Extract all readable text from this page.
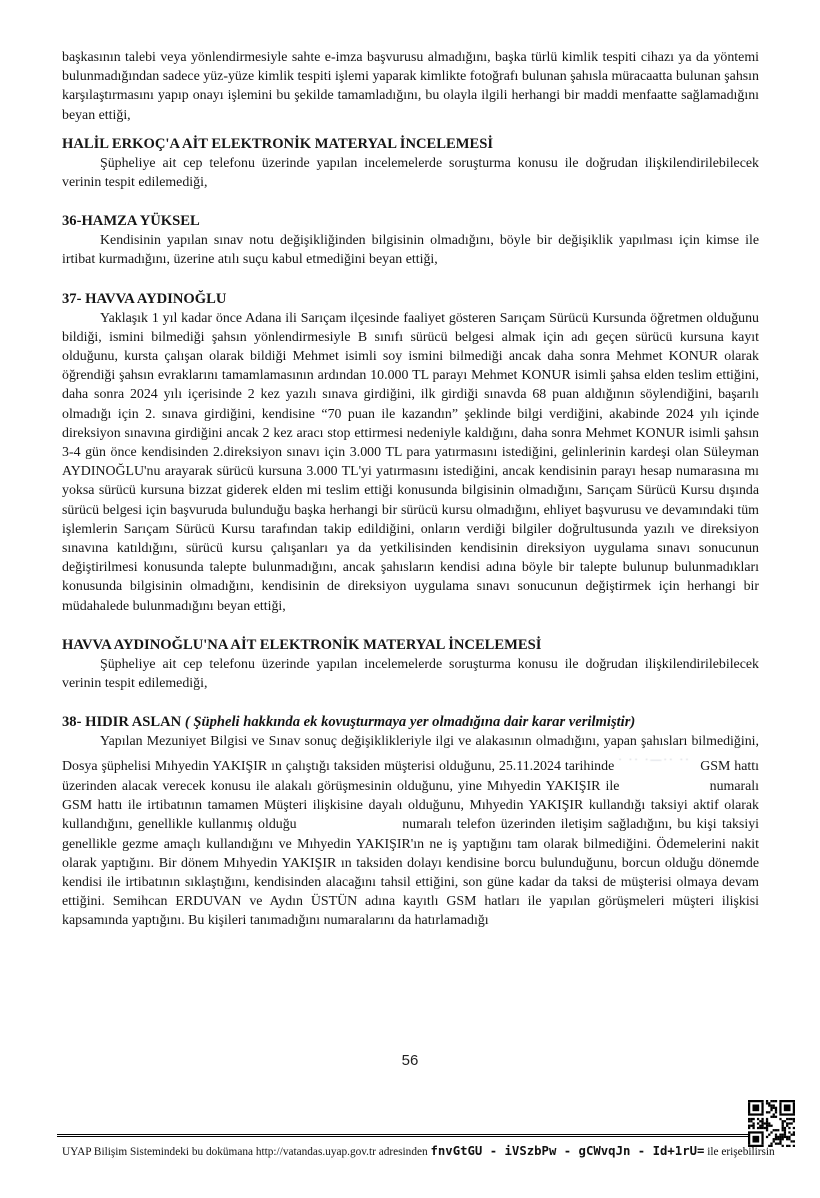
başkasının talebi veya yönlendirmesiyle sahte e-imza başvurusu almadığını, başka türlü kimlik tespiti cihazı ya da yöntemi bulunmadığından sadece yüz-yüze kimlik tespiti işlemi yaparak kimlikte fotoğrafı bulunan şahısla müracaatta bulunan şahsın karşılaştırmasını yapıp onayı işlemini bu şekilde tamamladığını, bu olayla ilgili herhangi bir maddi menfaatte sağlamadığını beyan ettiği,

HALİL ERKOÇ'A AİT ELEKTRONİK MATERYAL İNCELEMESİ

Şüpheliye ait cep telefonu üzerinde yapılan incelemelerde soruşturma konusu ile doğrudan ilişkilendirilebilecek verinin tespit edilemediği,

36-HAMZA YÜKSEL

Kendisinin yapılan sınav notu değişikliğinden bilgisinin olmadığını, böyle bir değişiklik yapılması için kimse ile irtibat kurmadığını, üzerine atılı suçu kabul etmediğini beyan ettiği,

37- HAVVA AYDINOĞLU

Yaklaşık 1 yıl kadar önce Adana ili Sarıçam ilçesinde faaliyet gösteren Sarıçam Sürücü Kursunda öğretmen olduğunu bildiği, ismini bilmediği şahsın yönlendirmesiyle B sınıfı sürücü belgesi almak için adı geçen sürücü kursuna kayıt olduğunu, kursta çalışan olarak bildiği Mehmet isimli soy ismini bilmediği ancak daha sonra Mehmet KONUR olarak öğrendiği şahsın evraklarını tamamlamasının ardından 10.000 TL parayı Mehmet KONUR isimli şahsa elden teslim ettiğini, daha sonra 2024 yılı içerisinde 2 kez yazılı sınava girdiğini, ilk girdiği sınavda 68 puan aldığının söylendiğini, başarılı olmadığı için 2. sınava girdiğini, kendisine “70 puan ile kazandın” şeklinde bilgi verdiğini, akabinde 2024 yılı içinde direksiyon sınavına girdiğini ancak 2 kez aracı stop ettirmesi nedeniyle kaldığını, daha sonra Mehmet KONUR isimli şahsın 3-4 gün önce kendisinden 2.direksiyon sınavı için 3.000 TL para yatırmasını istediğini, gelinlerinin kardeşi olan Süleyman AYDINOĞLU'nu arayarak sürücü kursuna 3.000 TL'yi yatırmasını istediğini, ancak kendisinin parayı hesap numarasına mı yoksa sürücü kursuna bizzat giderek elden mi teslim ettiği konusunda bilgisinin olmadığını, Sarıçam Sürücü Kursu dışında sürücü belgesi için başvuruda bulunduğu başka herhangi bir sürücü kursu olmadığını, ehliyet başvurusu ve devamındaki tüm işlemlerin Sarıçam Sürücü Kursu tarafından takip edildiğini, onların verdiği bilgiler doğrultusunda yazılı ve direksiyon sınavına katıldığını, sürücü kursu çalışanları ya da yetkilisinden kendisinin direksiyon uygulama sınavı sonucunun değiştirilmesi konusunda talepte bulunmadığını, ancak şahısların kendisi adına böyle bir talepte bulunup bulunmadıkları konusunda bilgisinin olmadığını, kendisinin de direksiyon uygulama sınavı sonucunun değiştirmek için herhangi bir müdahalede bulunmadığını beyan ettiği,

HAVVA AYDINOĞLU'NA AİT ELEKTRONİK MATERYAL İNCELEMESİ

Şüpheliye ait cep telefonu üzerinde yapılan incelemelerde soruşturma konusu ile doğrudan ilişkilendirilebilecek verinin tespit edilemediği,

38- HIDIR ASLAN ( Şüpheli hakkında ek kovuşturmaya yer olmadığına dair karar verilmiştir)

Yapılan Mezuniyet Bilgisi ve Sınav sonuç değişiklikleriyle ilgi ve alakasının olmadığını, yapan şahısları bilmediğini, Dosya şüphelisi Mıhyedin YAKIŞIR ın çalıştığı taksiden müşterisi olduğunu, 25.11.2024 tarihinde · ·· ·—·· ·· GSM hattı üzerinden alacak verecek konusu ile alakalı görüşmesinin olduğunu, yine Mıhyedin YAKIŞIR ile	numaralı GSM hattı ile irtibatının tamamen Müşteri ilişkisine dayalı olduğunu, Mıhyedin YAKIŞIR kullandığı taksiyi aktif olarak kullandığını, genellikle kullanmış olduğu	numaralı telefon üzerinden iletişim sağladığını, bu kişi taksiyi genellikle gezme amaçlı kullandığını ve Mıhyedin YAKIŞIR'ın ne iş yaptığını tam olarak bilmediğini. Ödemelerini nakit olarak yaptığını. Bir dönem Mıhyedin YAKIŞIR ın taksiden dolayı kendisine borcu bulunduğunu, borcun olduğu dönemde kendisi ile irtibatının sıklaştığını, kendisinden alacağını tahsil ettiğini, son güne kadar da taksi de müşterisi olmaya devam ettiğini. Semihcan ERDUVAN ve Aydın ÜSTÜN adına kayıtlı GSM hatları ile yapılan görüşmeleri müşteri ilişkisi kapsamında yaptığını. Bu kişileri tanımadığını numaralarını da hatırlamadığı

56
UYAP Bilişim Sistemindeki bu dokümana http://vatandas.uyap.gov.tr adresinden fnvGtGU - iVSzbPw - gCWvqJn - Id+1rU= ile erişebilirsin
